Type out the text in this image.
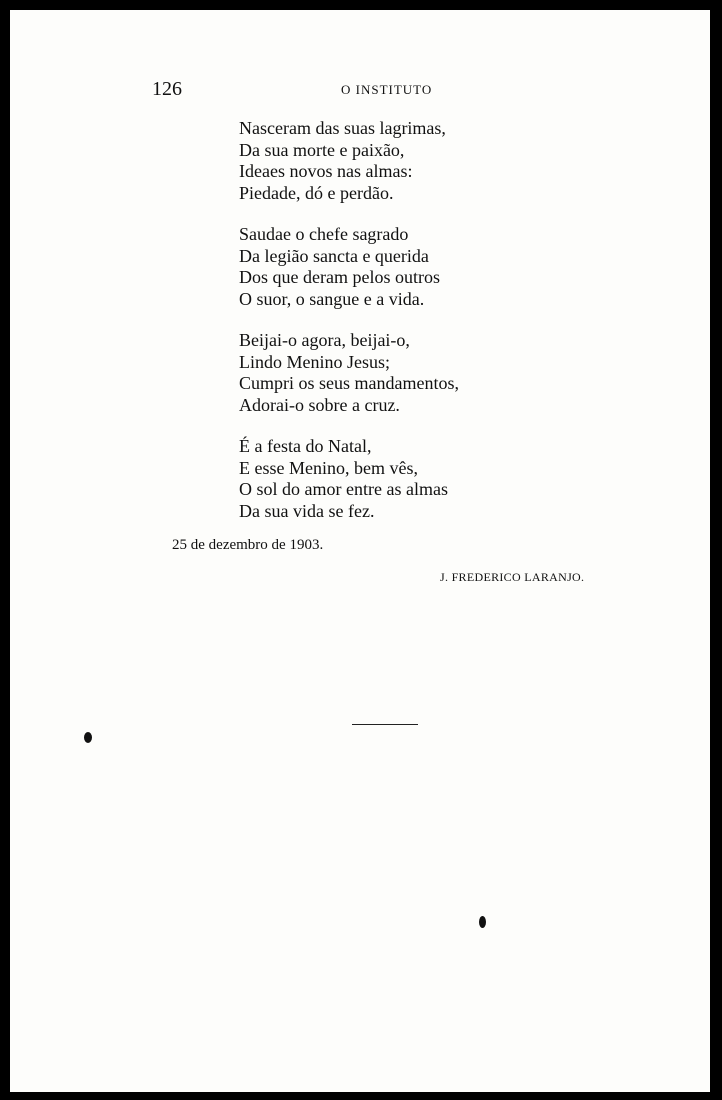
126	O INSTITUTO
Nasceram das suas lagrimas,
Da sua morte e paixão,
Ideaes novos nas almas:
Piedade, dó e perdão.
Saudae o chefe sagrado
Da legião sancta e querida
Dos que deram pelos outros
O suor, o sangue e a vida.
Beijai-o agora, beijai-o,
Lindo Menino Jesus;
Cumpri os seus mandamentos,
Adorai-o sobre a cruz.
É a festa do Natal,
E esse Menino, bem vês,
O sol do amor entre as almas
Da sua vida se fez.
25 de dezembro de 1903.
J. FREDERICO LARANJO.
